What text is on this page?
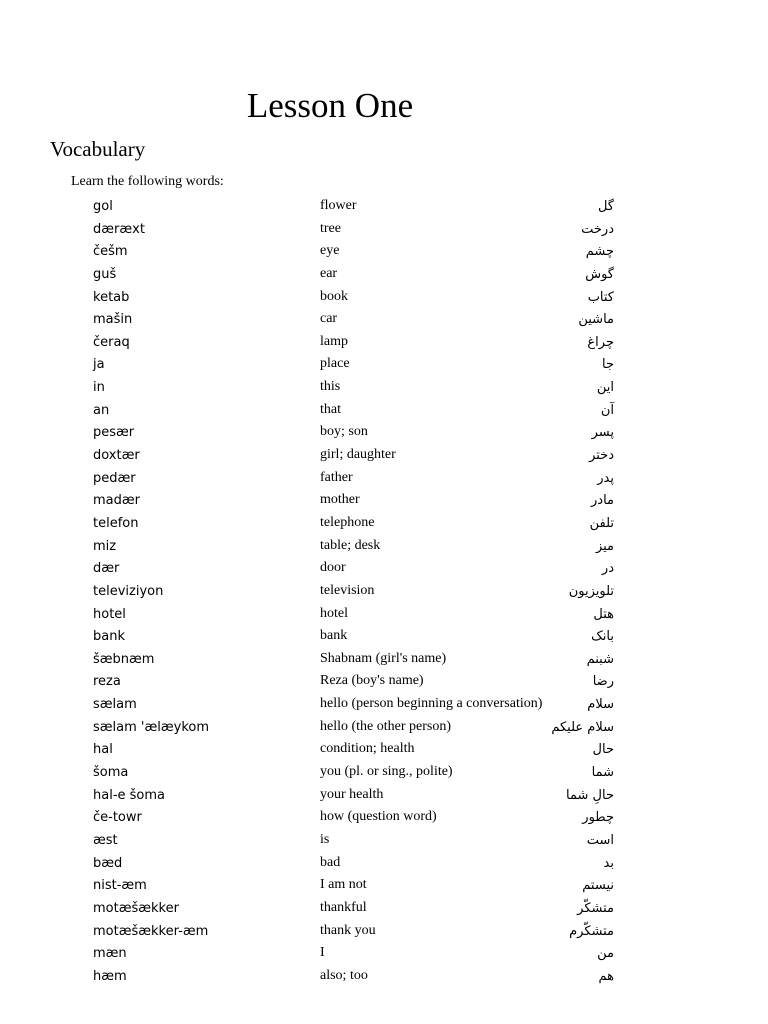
Lesson One
Vocabulary
Learn the following words:
gol	flower	گل
dæræxt	tree	درخت
češm	eye	چشم
guš	ear	گوش
ketab	book	کتاب
mašin	car	ماشین
čeraq	lamp	چراغ
ja	place	جا
in	this	این
an	that	آن
pesær	boy; son	پسر
doxtær	girl; daughter	دختر
pedær	father	پدر
madær	mother	مادر
telefon	telephone	تلفن
miz	table; desk	میز
dær	door	در
televiziyon	television	تلویزیون
hotel	hotel	هتل
bank	bank	بانک
šæbnæm	Shabnam (girl's name)	شبنم
reza	Reza (boy's name)	رضا
sælam	hello (person beginning a conversation)	سلام
sælam 'ælæykom	hello (the other person)	سلام علیکم
hal	condition; health	حال
šoma	you (pl. or sing., polite)	شما
hal-e šoma	your health	حالِ شما
če-towr	how (question word)	چطور
æst	is	است
bæd	bad	بد
nist-æm	I am not	نیستم
motæšækker	thankful	متشکّر
motæšækker-æm	thank you	متشکّرم
mæn	I	من
hæm	also; too	هم
